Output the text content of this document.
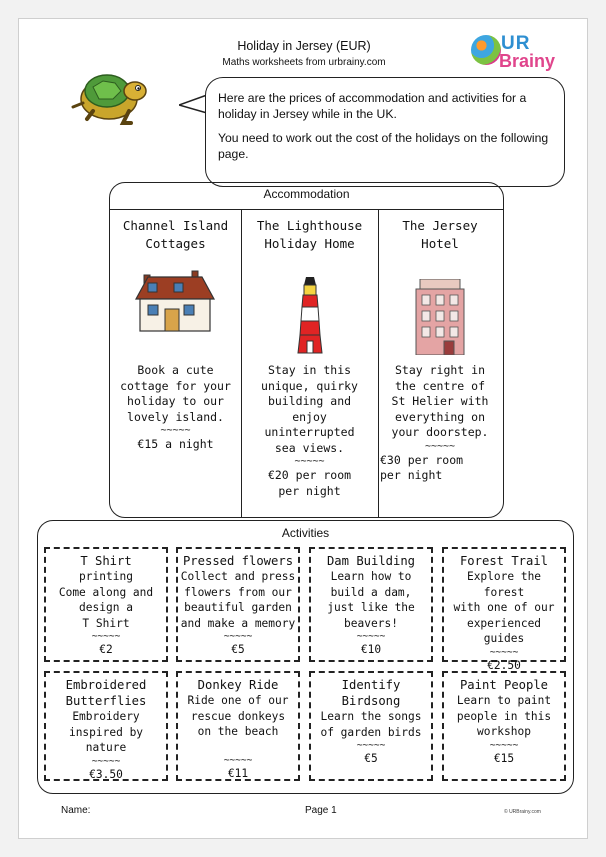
Holiday in Jersey (EUR)
Maths worksheets from urbrainy.com
UR
Brainy

Here are the prices of accommodation and activities for a holiday in Jersey while in the UK.

You need to work out the cost of the holidays on the following page.

Accommodation
Channel Island
Cottages
Book a cute
cottage for your
holiday to our
lovely island.
~~~~~
€15 a night
The Lighthouse
Holiday Home
Stay in this
unique, quirky
building and
enjoy
uninterrupted
sea views.
~~~~~
€20 per room
per night
The Jersey
Hotel
Stay right in
the centre of
St Helier with
everything on
your doorstep.
~~~~~
€30 per room
per night
Activities
T Shirt
printing
Come along and
design a
T Shirt
~~~~~
€2
Pressed flowers
Collect and press
flowers from our
beautiful garden
and make a memory
~~~~~
€5
Dam Building
Learn how to
build a dam,
just like the
beavers!
~~~~~
€10
Forest Trail
Explore the forest
with one of our
experienced
guides
~~~~~
€2.50
Embroidered
Butterflies
Embroidery
inspired by nature
~~~~~
€3.50
Donkey Ride
Ride one of our
rescue donkeys
on the beach
~~~~~
€11
Identify
Birdsong
Learn the songs
of garden birds
~~~~~
€5
Paint People
Learn to paint
people in this
workshop
~~~~~
€15
Name:	Page 1	© URBrainy.com
